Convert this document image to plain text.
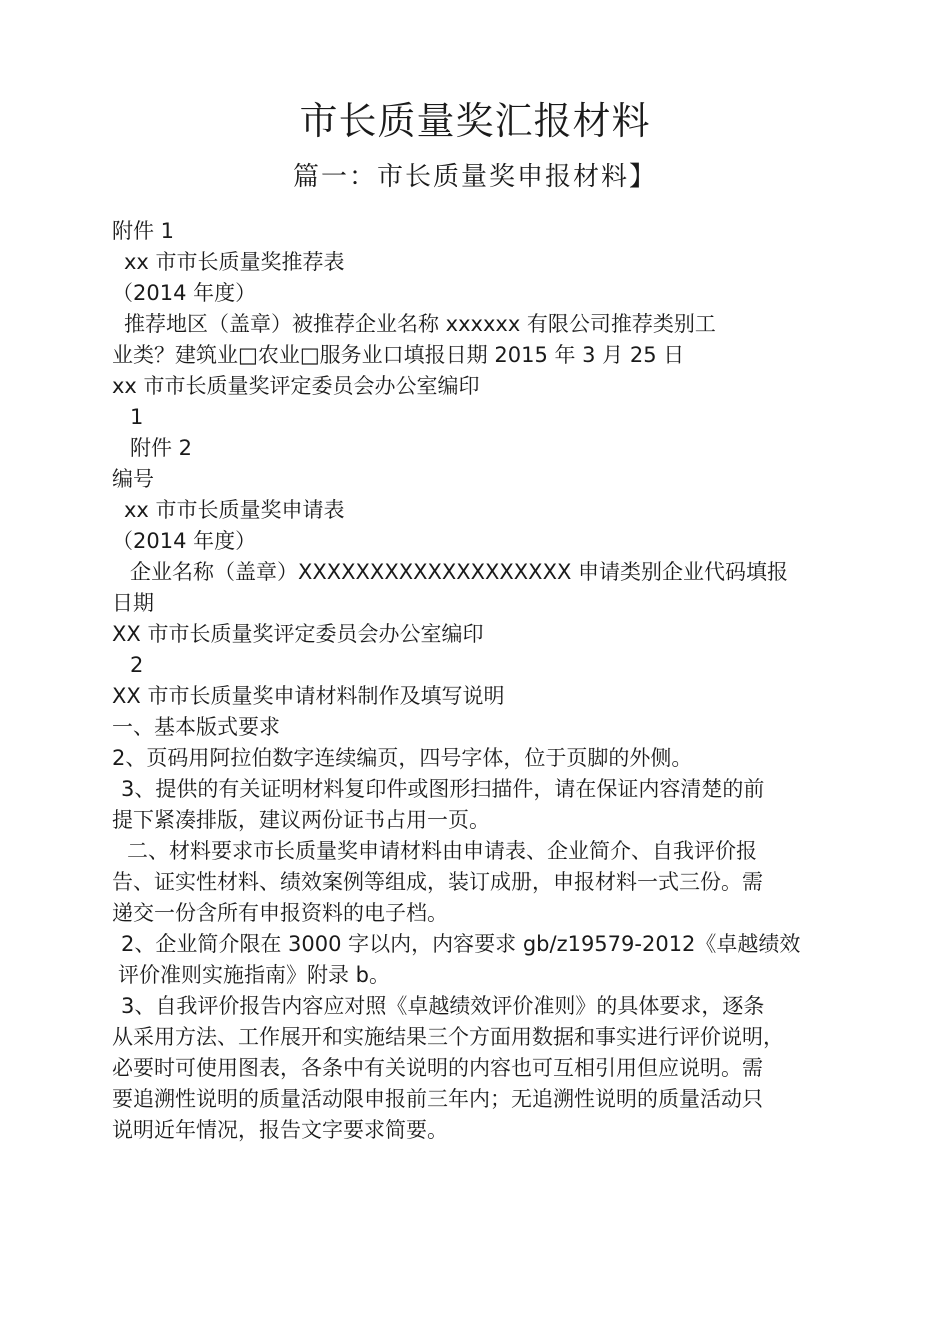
市长质量奖汇报材料
篇一：市长质量奖申报材料】
附件 1
xx 市市长质量奖推荐表
（2014 年度）
推荐地区（盖章）被推荐企业名称 xxxxxx 有限公司推荐类别工
业类？建筑业□农业□服务业口填报日期 2015 年 3 月 25 日
xx 市市长质量奖评定委员会办公室编印
1
附件 2
编号
xx 市市长质量奖申请表
（2014 年度）
企业名称（盖章）XXXXXXXXXXXXXXXXXXX 申请类别企业代码填报
日期
XX 市市长质量奖评定委员会办公室编印
2
XX 市市长质量奖申请材料制作及填写说明
一、基本版式要求
2、页码用阿拉伯数字连续编页，四号字体，位于页脚的外侧。
3、提供的有关证明材料复印件或图形扫描件，请在保证内容清楚的前
提下紧凑排版，建议两份证书占用一页。
二、材料要求市长质量奖申请材料由申请表、企业简介、自我评价报
告、证实性材料、绩效案例等组成，装订成册，申报材料一式三份。需
递交一份含所有申报资料的电子档。
2、企业简介限在 3000 字以内，内容要求 gb/z19579-2012《卓越绩效
评价准则实施指南》附录 b。
3、自我评价报告内容应对照《卓越绩效评价准则》的具体要求，逐条
从采用方法、工作展开和实施结果三个方面用数据和事实进行评价说明，
必要时可使用图表，各条中有关说明的内容也可互相引用但应说明。需
要追溯性说明的质量活动限申报前三年内；无追溯性说明的质量活动只
说明近年情况，报告文字要求简要。
